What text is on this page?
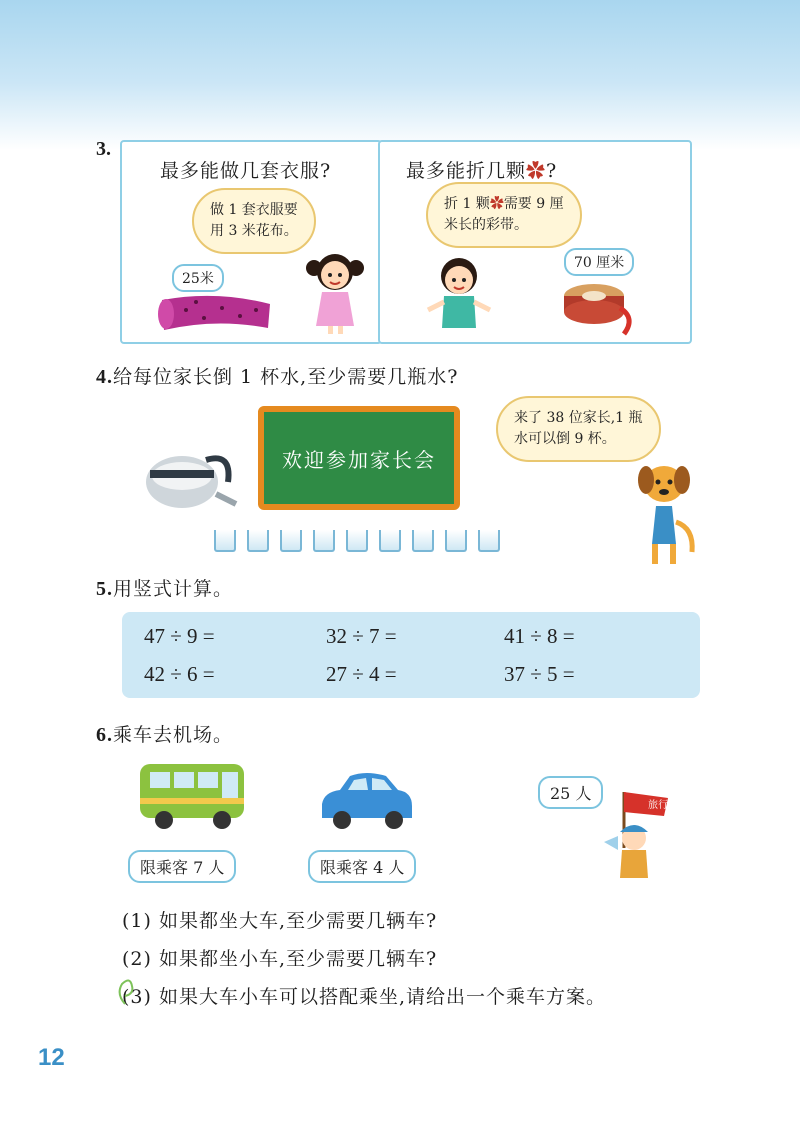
3.
最多能做几套衣服?
做 1 套衣服要
用 3 米花布。
25米
最多能折几颗✿?
折 1 颗✿需要 9 厘
米长的彩带。
70 厘米
4.给每位家长倒 1 杯水,至少需要几瓶水?
欢迎参加家长会
来了 38 位家长,1 瓶
水可以倒 9 杯。
5.用竖式计算。
47 ÷ 9 =	32 ÷ 7 =	41 ÷ 8 =
42 ÷ 6 =	27 ÷ 4 =	37 ÷ 5 =
6.乘车去机场。
限乘客 7 人	限乘客 4 人
25 人
旅行社
(1) 如果都坐大车,至少需要几辆车?
(2) 如果都坐小车,至少需要几辆车?
(3) 如果大车小车可以搭配乘坐,请给出一个乘车方案。
12
